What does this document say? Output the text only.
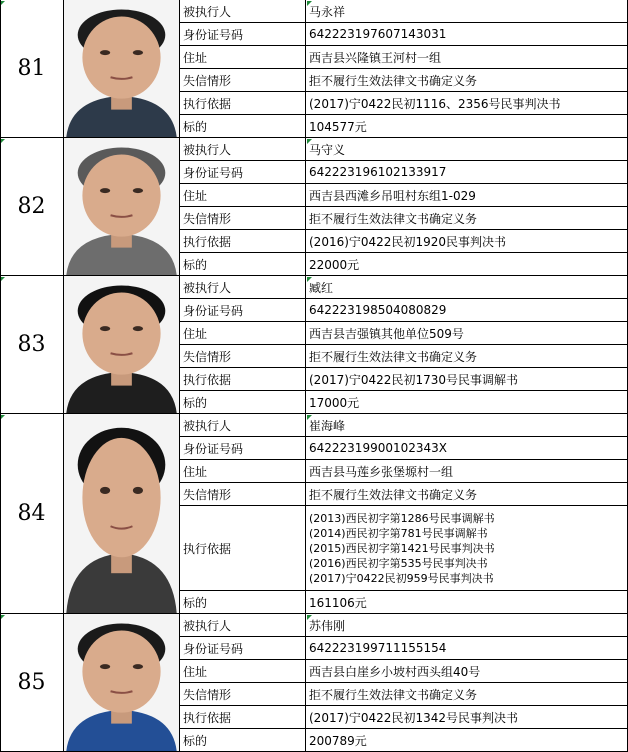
81
被执行人	马永祥
身份证号码	642223197607143031
住址	西吉县兴隆镇王河村一组
失信情形	拒不履行生效法律文书确定义务
执行依据	(2017)宁0422民初1116、2356号民事判决书
标的	104577元
82
被执行人	马守义
身份证号码	642223196102133917
住址	西吉县西滩乡吊咀村东组1-029
失信情形	拒不履行生效法律文书确定义务
执行依据	(2016)宁0422民初1920民事判决书
标的	22000元
83
被执行人	臧红
身份证号码	642223198504080829
住址	西吉县吉强镇其他单位509号
失信情形	拒不履行生效法律文书确定义务
执行依据	(2017)宁0422民初1730号民事调解书
标的	17000元
84
被执行人	崔海峰
身份证号码	64222319900102343X
住址	西吉县马莲乡张堡塬村一组
失信情形	拒不履行生效法律文书确定义务
执行依据
(2013)西民初字第1286号民事调解书
(2014)西民初字第781号民事调解书
(2015)西民初字第1421号民事判决书
(2016)西民初字第535号民事判决书
(2017)宁0422民初959号民事判决书
标的	161106元
85
被执行人	苏伟刚
身份证号码	642223199711155154
住址	西吉县白崖乡小坡村西头组40号
失信情形	拒不履行生效法律文书确定义务
执行依据	(2017)宁0422民初1342号民事判决书
标的	200789元
